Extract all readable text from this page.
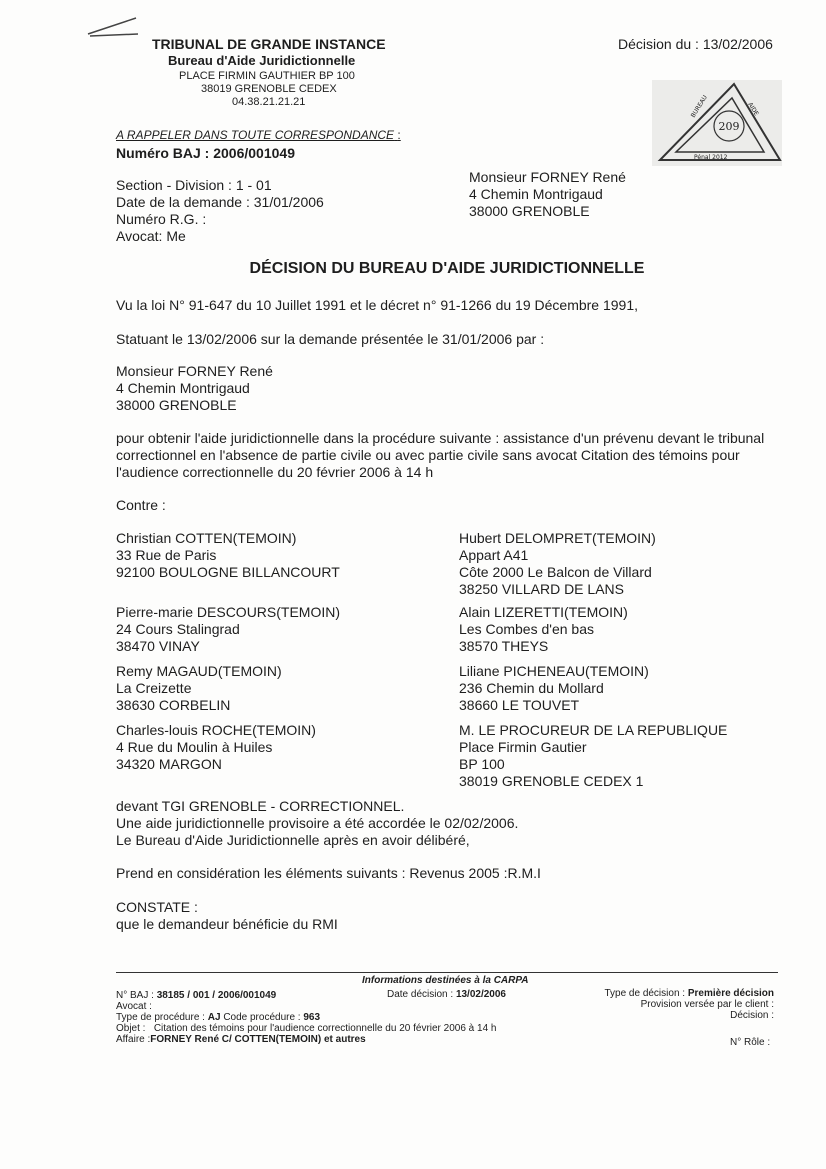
TRIBUNAL DE GRANDE INSTANCE
Bureau d'Aide Juridictionnelle
PLACE FIRMIN GAUTHIER BP 100
38019 GRENOBLE CEDEX
04.38.21.21.21
Décision du : 13/02/2006
209
BUREAU	AIDE
Pénal 2012
A RAPPELER DANS TOUTE CORRESPONDANCE :
Numéro BAJ : 2006/001049
Section - Division : 1 - 01
Date de la demande : 31/01/2006
Numéro R.G. :
Avocat: Me
Monsieur FORNEY René
4 Chemin Montrigaud
38000 GRENOBLE
DÉCISION DU BUREAU D'AIDE JURIDICTIONNELLE
Vu la loi N° 91-647 du 10 Juillet 1991 et le décret n° 91-1266 du 19 Décembre 1991,
Statuant le 13/02/2006 sur la demande présentée le 31/01/2006 par :
Monsieur FORNEY René
4 Chemin Montrigaud
38000 GRENOBLE
pour obtenir l'aide juridictionnelle dans la procédure suivante : assistance d'un prévenu devant le tribunal correctionnel en l'absence de partie civile ou avec partie civile sans avocat Citation des témoins pour l'audience correctionnelle du 20 février 2006 à 14 h
Contre :
Christian COTTEN(TEMOIN)
33 Rue de Paris
92100 BOULOGNE BILLANCOURT
Pierre-marie DESCOURS(TEMOIN)
24 Cours Stalingrad
38470 VINAY
Remy MAGAUD(TEMOIN)
La Creizette
38630 CORBELIN
Charles-louis ROCHE(TEMOIN)
4 Rue du Moulin à Huiles
34320 MARGON
Hubert DELOMPRET(TEMOIN)
Appart A41
Côte 2000 Le Balcon de Villard
38250 VILLARD DE LANS
Alain LIZERETTI(TEMOIN)
Les Combes d'en bas
38570 THEYS
Liliane PICHENEAU(TEMOIN)
236 Chemin du Mollard
38660 LE TOUVET
M. LE PROCUREUR DE LA REPUBLIQUE
Place Firmin Gautier
BP 100
38019 GRENOBLE CEDEX 1
devant TGI GRENOBLE - CORRECTIONNEL.
Une aide juridictionnelle provisoire a été accordée le 02/02/2006.
Le Bureau d'Aide Juridictionnelle après en avoir délibéré,
Prend en considération les éléments suivants : Revenus 2005 :R.M.I
CONSTATE :
que le demandeur bénéficie du RMI
Informations destinées à la CARPA
Date décision : 13/02/2006
N° BAJ : 38185 / 001 / 2006/001049
Avocat :
Type de procédure : AJ Code procédure : 963
Objet : Citation des témoins pour l'audience correctionnelle du 20 février 2006 à 14 h
Affaire :FORNEY René C/ COTTEN(TEMOIN) et autres
Type de décision : Première décision
Provision versée par le client :
Décision :
N° Rôle :
